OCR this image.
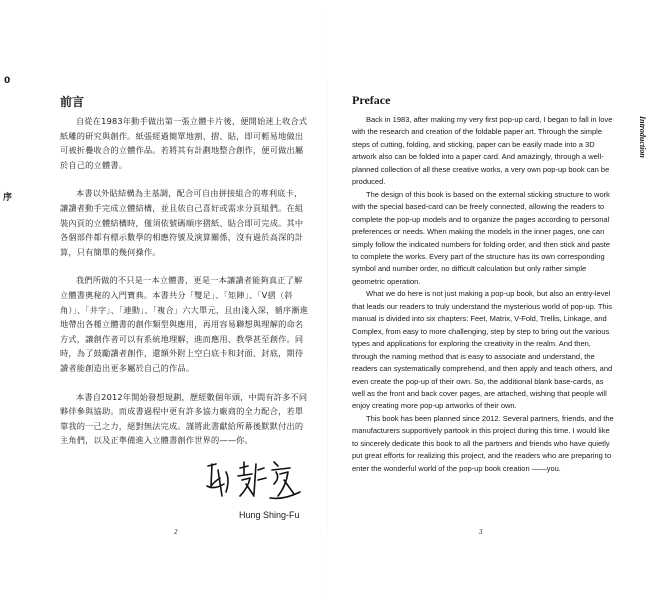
0
序
前言

自從在1983年動手做出第一張立體卡片後，便開始迷上收合式紙雕的研究與創作。紙張經過簡單地割、摺、貼，即可輕易地做出可被折疊收合的立體作品。若將其有計劃地整合創作，便可做出屬於自己的立體書。

本書以外貼結構為主基調，配合可自由拼接組合的專利底卡，讓讀者動手完成立體結構，並且依自己喜好或需求分頁組們。在組裝內頁的立體結構時，僅須依號碼順序摺紙、貼合即可完成。其中各個部件都有標示數學的相應符號及演算關係，沒有過於高深的計算，只有簡單的幾何操作。

我們所做的不只是一本立體書，更是一本讓讀者能夠真正了解立體書奧秘的入門寶典。本書共分「雙足」、「矩陣」、「V摺（斜角）」、「井字」、「連動」、「複合」六大單元，且由淺入深，循序漸進地帶出各種立體書的創作類型與應用，再用容易聯想與理解的命名方式，讓創作者可以有系統地理解，進而應用、教學甚至創作。同時，為了鼓勵讀者創作，還額外附上空白底卡和封面、封底，期待讀者能創造出更多屬於自己的作品。

本書自2012年開始發想規劃，歷經數個年頭，中間有許多不同夥伴參與協助。而成書過程中更有許多協力廠商的全力配合，若單靠我的一己之力，絕對無法完成。謹將此書獻給所幕後默默付出的主角們，以及正準備進入立體書創作世界的——你。

Hung Shing-Fu
2
Preface
Introduction

Back in 1983, after making my very first pop-up card, I began to fall in love with the research and creation of the foldable paper art. Through the simple steps of cutting, folding, and sticking, paper can be easily made into a 3D artwork also can be folded into a paper card. And amazingly, through a well-planned collection of all these creative works, a very own pop-up book can be produced.

The design of this book is based on the external sticking structure to work with the special based-card can be freely connected, allowing the readers to complete the pop-up models and to organize the pages according to personal preferences or needs. When making the models in the inner pages, one can simply follow the indicated numbers for folding order, and then stick and paste to complete the works. Every part of the structure has its own corresponding symbol and number order, no difficult calculation but only rather simple geometric operation.

What we do here is not just making a pop-up book, but also an entry-level that leads our readers to truly understand the mysterious world of pop-up. This manual is divided into six chapters: Feet, Matrix, V-Fold, Trellis, Linkage, and Complex, from easy to more challenging, step by step to bring out the various types and applications for exploring the creativity in the realm. And then, through the naming method that is easy to associate and understand, the readers can systematically comprehend, and then apply and teach others, and even create the pop-up of their own. So, the additional blank base-cards, as well as the front and back cover pages, are attached, wishing that people will enjoy creating more pop-up artworks of their own.

This book has been planned since 2012. Several partners, friends, and the manufacturers supportively partook in this project during this time. I would like to sincerely dedicate this book to all the partners and friends who have quietly put great efforts for realizing this project, and the readers who are preparing to enter the wonderful world of the pop-up book creation ——you.

3
